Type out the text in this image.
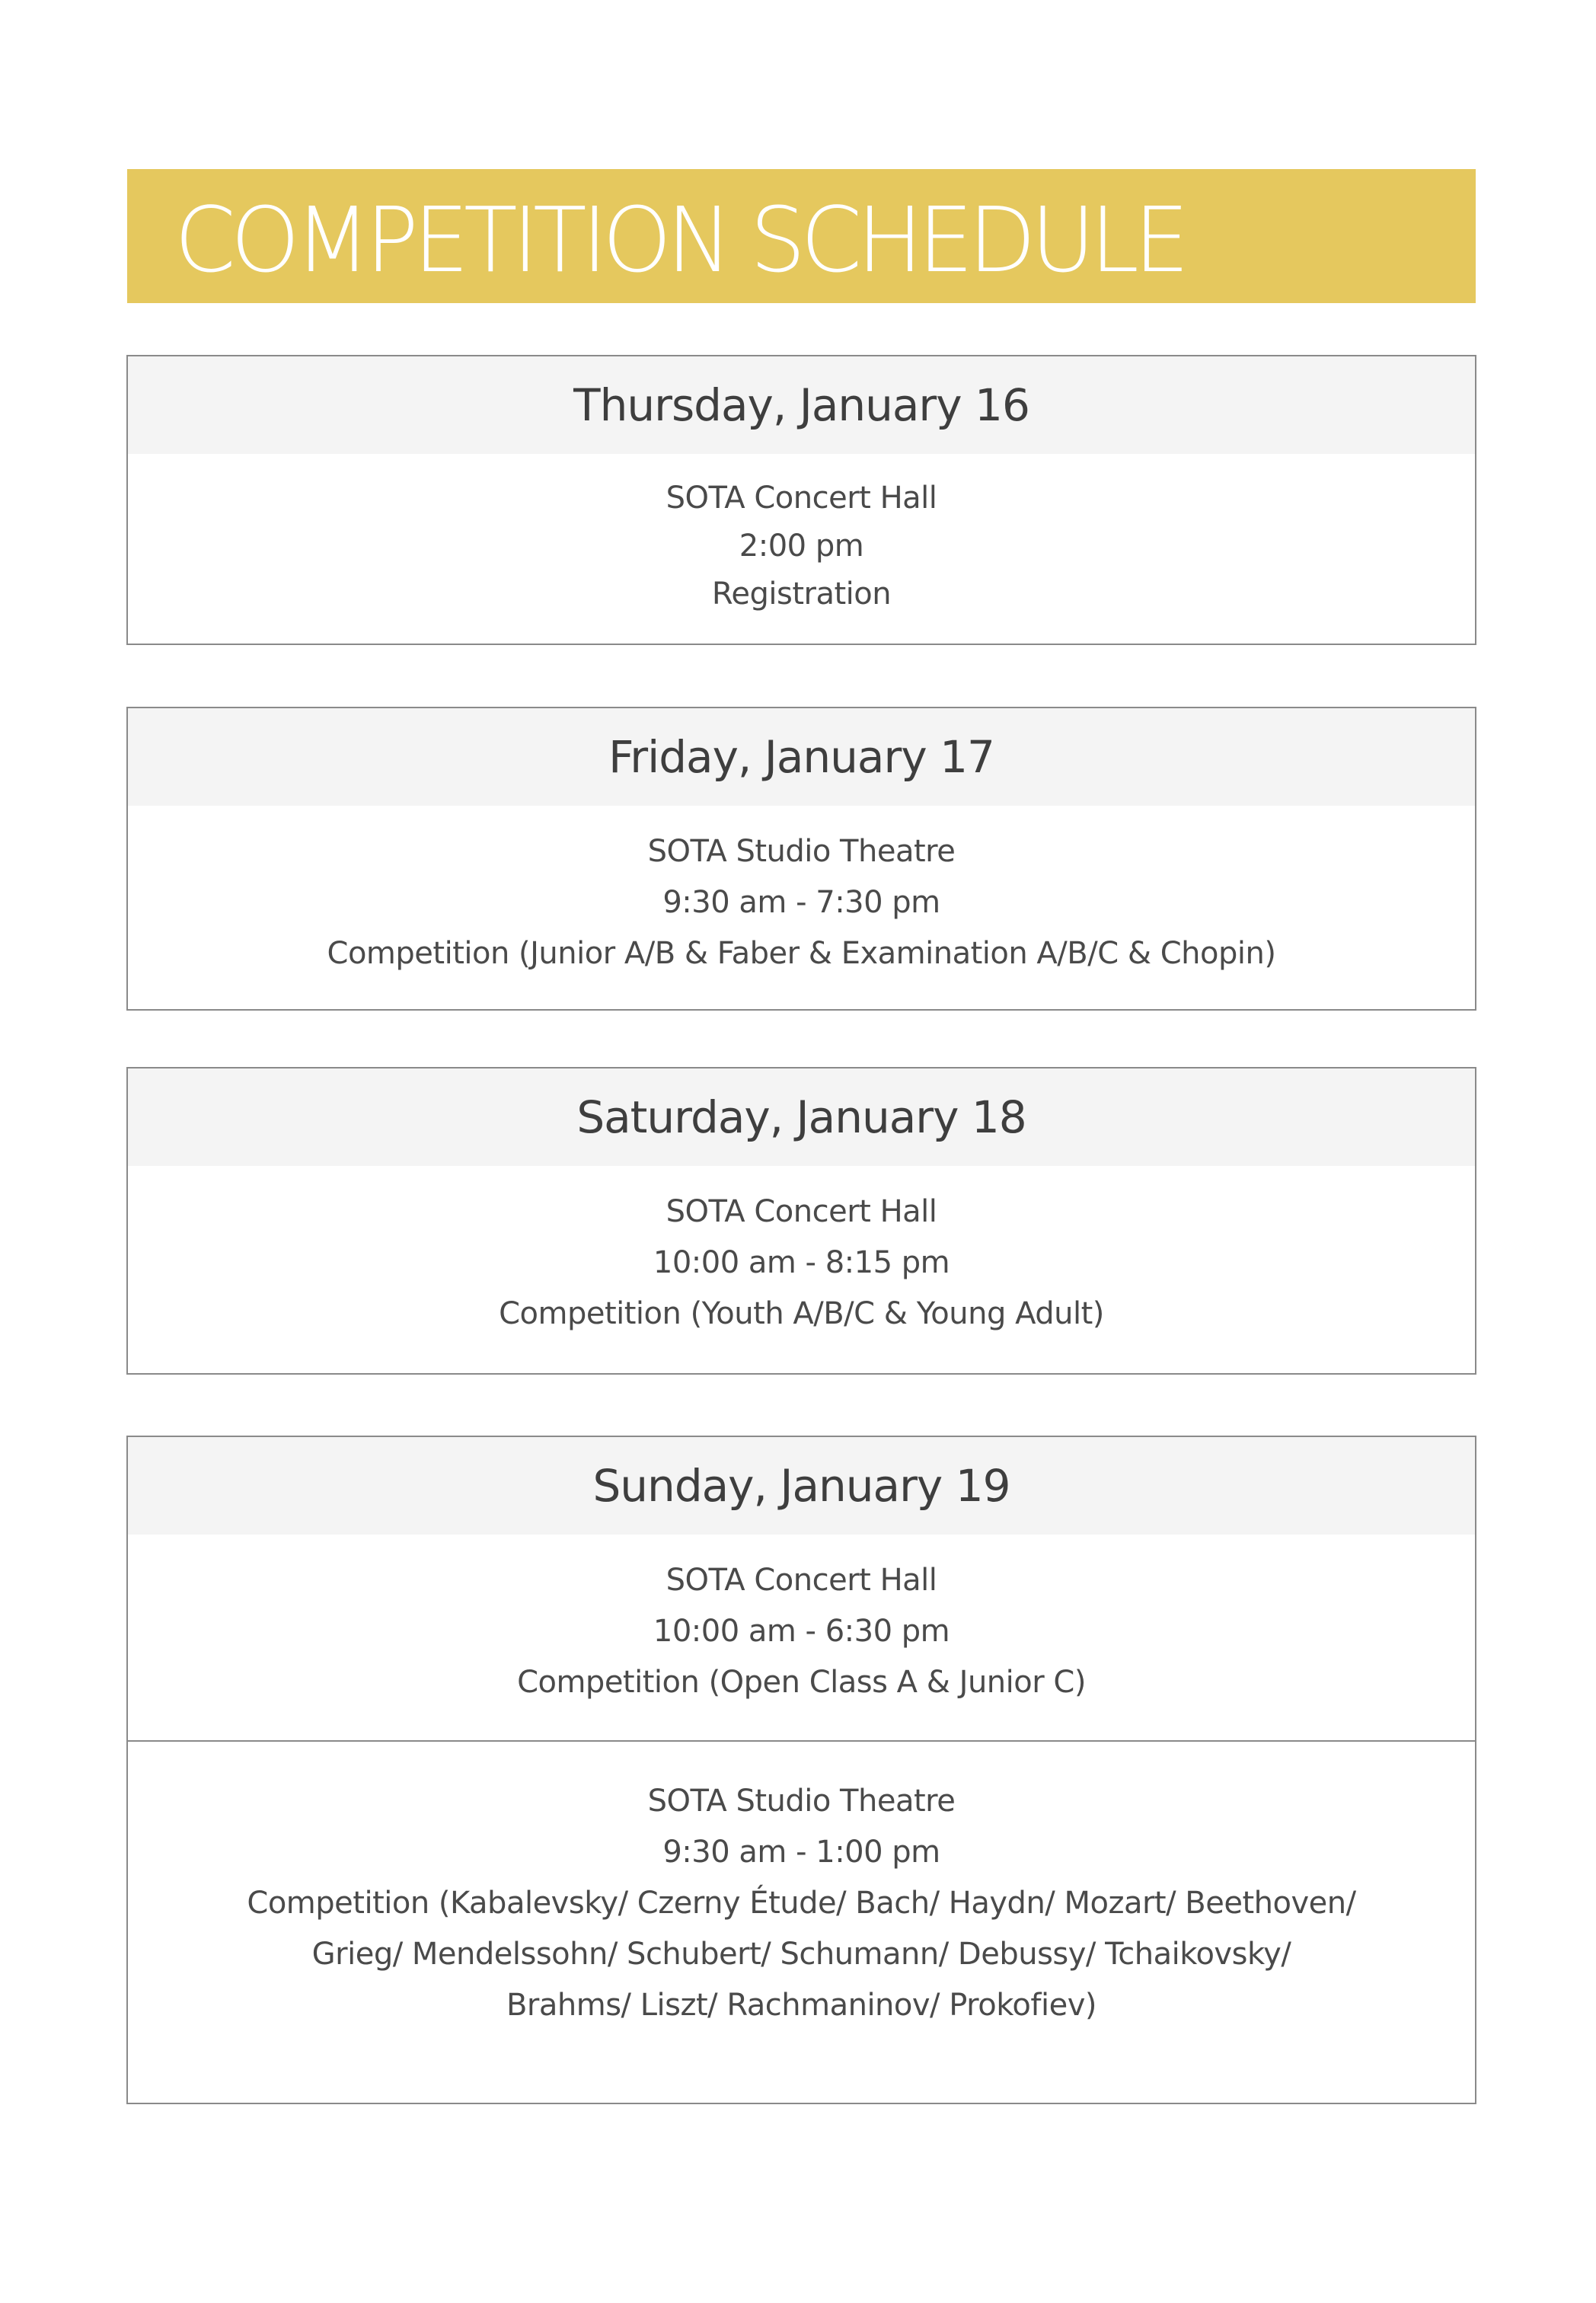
COMPETITION SCHEDULE
Thursday, January 16
SOTA Concert Hall
2:00 pm
Registration
Friday, January 17
SOTA Studio Theatre
9:30 am - 7:30 pm
Competition (Junior A/B & Faber & Examination A/B/C & Chopin)
Saturday, January 18
SOTA Concert Hall
10:00 am - 8:15 pm
Competition (Youth A/B/C & Young Adult)
Sunday, January 19
SOTA Concert Hall
10:00 am - 6:30 pm
Competition (Open Class A & Junior C)
SOTA Studio Theatre
9:30 am - 1:00 pm
Competition (Kabalevsky/ Czerny Étude/ Bach/ Haydn/ Mozart/ Beethoven/
Grieg/ Mendelssohn/ Schubert/ Schumann/ Debussy/ Tchaikovsky/
Brahms/ Liszt/ Rachmaninov/ Prokofiev)
